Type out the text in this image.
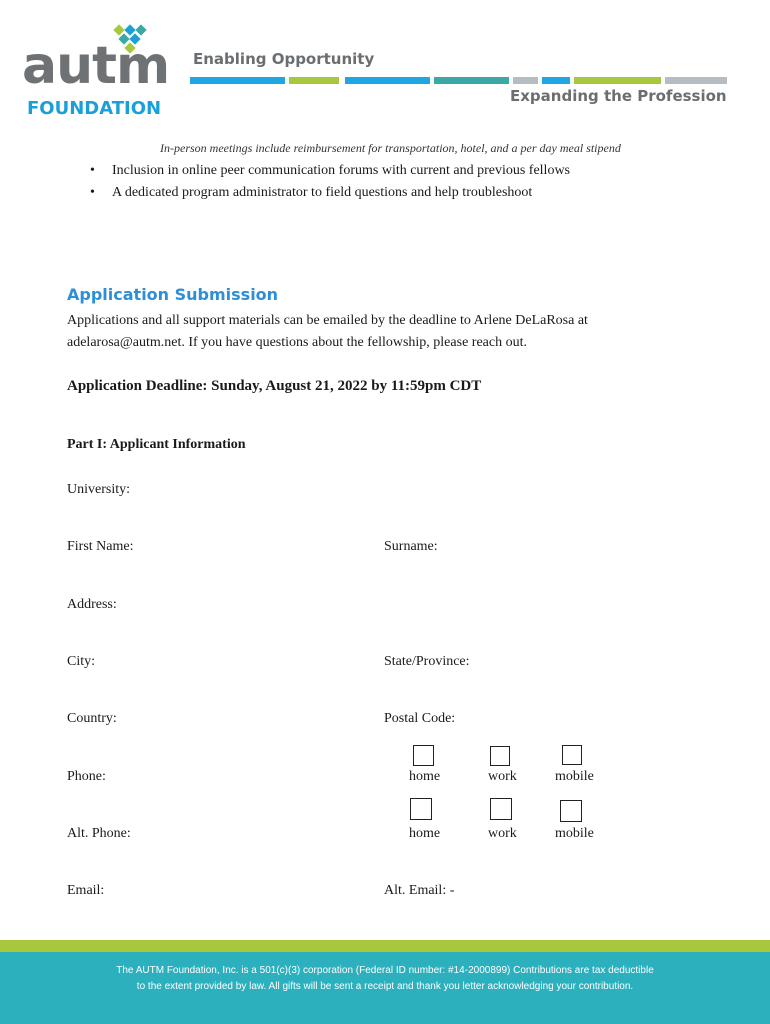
autm
FOUNDATION
Enabling Opportunity
Expanding the Profession
In-person meetings include reimbursement for transportation, hotel, and a per day meal stipend
• Inclusion in online peer communication forums with current and previous fellows
• A dedicated program administrator to field questions and help troubleshoot
Application Submission
Applications and all support materials can be emailed by the deadline to Arlene DeLaRosa at
adelarosa@autm.net. If you have questions about the fellowship, please reach out.
Application Deadline: Sunday, August 21, 2022 by 11:59pm CDT
Part I: Applicant Information
University:
First Name:	Surname:
Address:
City:	State/Province:
Country:	Postal Code:
Phone:	home	work	mobile
Alt. Phone:	home	work	mobile
Email:	Alt. Email: -

The AUTM Foundation, Inc. is a 501(c)(3) corporation (Federal ID number: #14-2000899) Contributions are tax deductible

to the extent provided by law. All gifts will be sent a receipt and thank you letter acknowledging your contribution.
